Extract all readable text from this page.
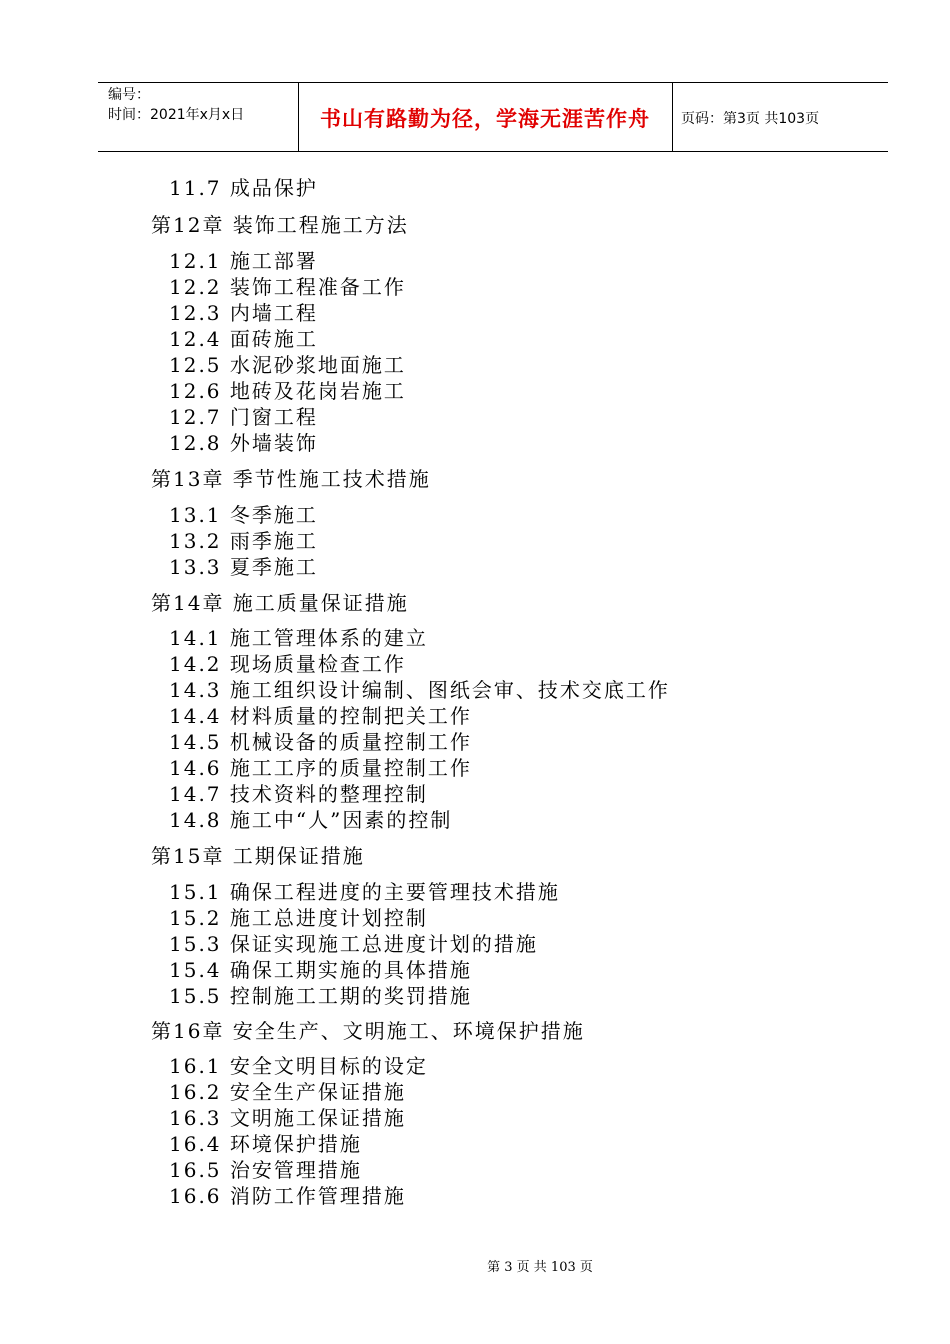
编号：
时间：2021年x月x日	书山有路勤为径，学海无涯苦作舟	页码：第3页 共103页
11.7 成品保护
第12章 装饰工程施工方法
12.1 施工部署
12.2 装饰工程准备工作
12.3 内墙工程
12.4 面砖施工
12.5 水泥砂浆地面施工
12.6 地砖及花岗岩施工
12.7 门窗工程
12.8 外墙装饰
第13章 季节性施工技术措施
13.1 冬季施工
13.2 雨季施工
13.3 夏季施工
第14章 施工质量保证措施
14.1 施工管理体系的建立
14.2 现场质量检查工作
14.3 施工组织设计编制、图纸会审、技术交底工作
14.4 材料质量的控制把关工作
14.5 机械设备的质量控制工作
14.6 施工工序的质量控制工作
14.7 技术资料的整理控制
14.8 施工中“人”因素的控制
第15章 工期保证措施
15.1 确保工程进度的主要管理技术措施
15.2 施工总进度计划控制
15.3 保证实现施工总进度计划的措施
15.4 确保工期实施的具体措施
15.5 控制施工工期的奖罚措施
第16章 安全生产、文明施工、环境保护措施
16.1 安全文明目标的设定
16.2 安全生产保证措施
16.3 文明施工保证措施
16.4 环境保护措施
16.5 治安管理措施
16.6 消防工作管理措施
第 3 页 共 103 页
